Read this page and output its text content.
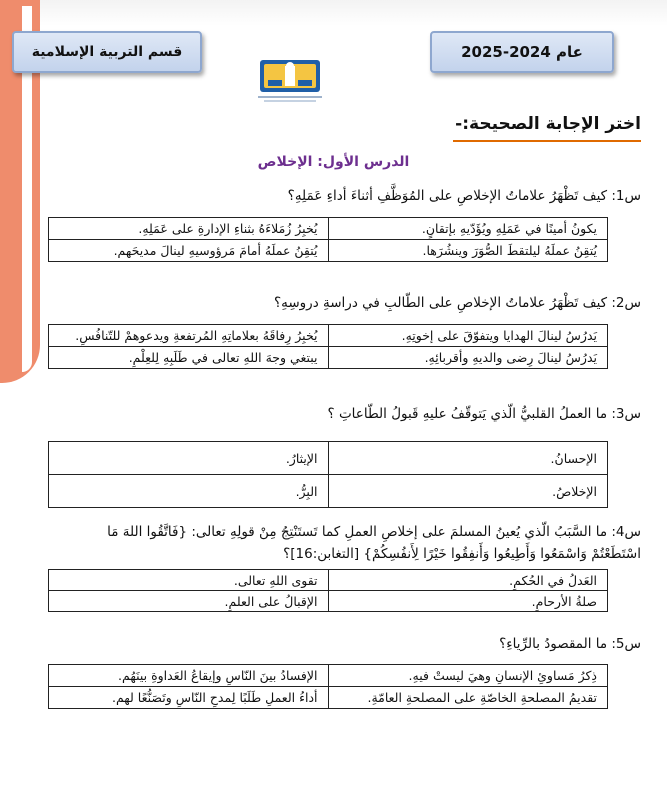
قسم التربية الإسلامية	عام 2024-2025
اختر الإجابة الصحيحة:-
الدرس الأول: الإخلاص
س1: كيف تَظْهَرُ علاماتُ الإخلاصِ على المُوَظَّفِ أثناءَ أداءِ عَمَلِهِ؟
يكونُ أمينًا في عَمَلِهِ ويُؤَدّيهِ بإتقانٍ.	يُخبِرُ زُمَلاءَهُ بثناءِ الإدارةِ على عَمَلِهِ.
يُتقِنُ عملَهُ ليلتقطَ الصُّوَرَ وينشُرَها.	يُتقِنُ عملَهُ أمامَ مَرؤوسيهِ لينالَ مديحَهم.
س2: كيف تَظْهَرُ علاماتُ الإخلاصِ على الطّالبِ في دراسةِ دروسِهِ؟
يَدرُسُ لينالَ الهدايا ويتفوّقَ على إخوتِهِ.	يُخبِرُ رِفاقَهُ بعلاماتِهِ المُرتفعةِ ويدعوهمْ للتّنافُسِ.
يَدرُسُ لينالَ رِضى والديهِ وأقربائِهِ.	يبتغي وجهَ اللهِ تعالى في طَلَبِهِ لِلعِلْمِ.
س3: ما العملُ القلبيُّ الّذي يَتوقّفُ عليهِ قَبولُ الطّاعاتِ ؟
الإحسانُ.	الإيثارُ.
الإخلاصُ.	البِرُّ.
س4: ما السَّبَبُ الّذي يُعينُ المسلمَ على إخلاصِ العملِ كما تَستَنْتِجُ مِنْ قولِهِ تعالى: {فَاتَّقُوا اللهَ مَا
اسْتَطَعْتُمْ وَاسْمَعُوا وَأَطِيعُوا وَأَنفِقُوا خَيْرًا لِأَنفُسِكُمْ} [التغابن:16]؟
العَدلُ في الحُكمِ.	تقوى اللهِ تعالى.
صلةُ الأرحامِ.	الإقبالُ على العلمِ.
س5: ما المقصودُ بالرِّياءِ؟
ذِكرُ مَساوئِ الإنسانِ وهيَ ليستْ فيهِ.	الإفسادُ بينَ النّاسِ وإيقاعُ العَداوةِ بينَهُم.
تقديمُ المصلحةِ الخاصّةِ على المصلحةِ العامّةِ.	أداءُ العملِ طَلَبًا لِمدحِ النّاسِ وتَصَنُّعًا لهم.
